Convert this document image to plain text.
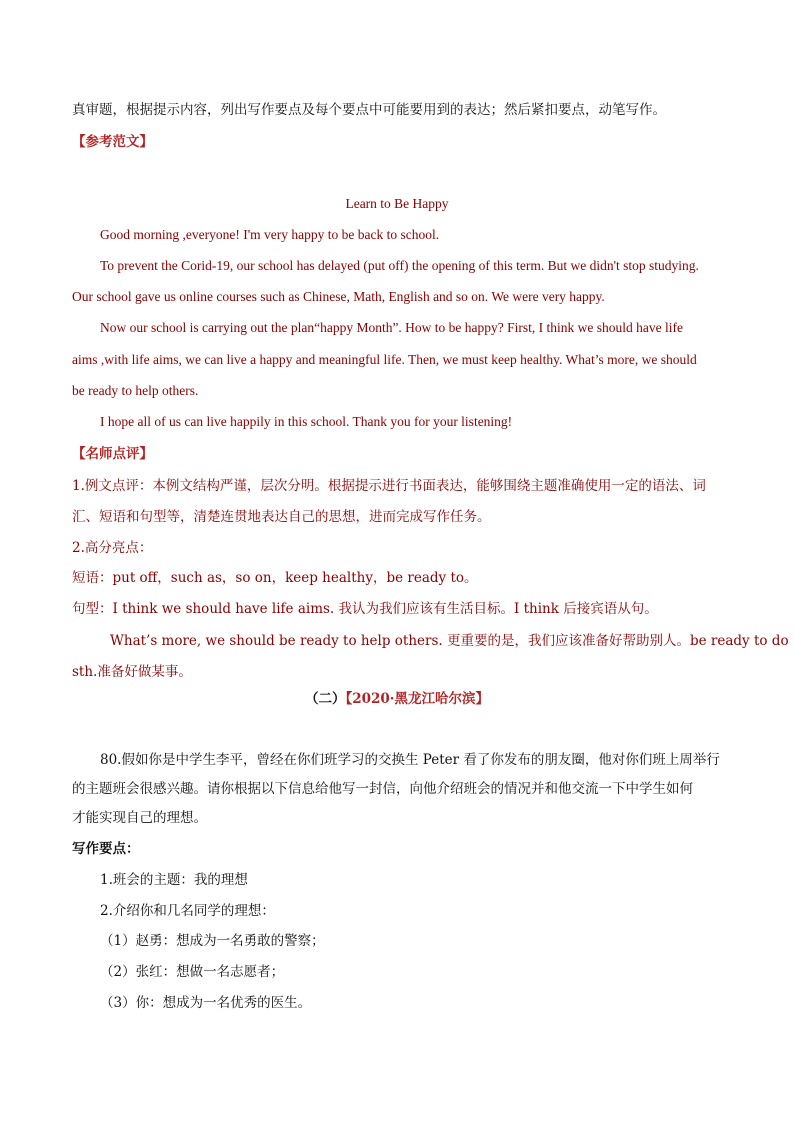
真审题，根据提示内容，列出写作要点及每个要点中可能要用到的表达；然后紧扣要点，动笔写作。
【参考范文】
Learn to Be Happy
Good morning ,everyone! I'm very happy to be back to school.
To prevent the Corid-19, our school has delayed (put off) the opening of this term. But we didn't stop studying.
Our school gave us online courses such as Chinese, Math, English and so on. We were very happy.
Now our school is carrying out the plan“happy Month”. How to be happy? First, I think we should have life
aims ,with life aims, we can live a happy and meaningful life. Then, we must keep healthy. What’s more, we should
be ready to help others.
I hope all of us can live happily in this school. Thank you for your listening!
【名师点评】
1.例文点评：本例文结构严谨，层次分明。根据提示进行书面表达，能够围绕主题准确使用一定的语法、词
汇、短语和句型等，清楚连贯地表达自己的思想，进而完成写作任务。
2.高分亮点：
短语：put off，such as，so on，keep healthy，be ready to。
句型：I think we should have life aims. 我认为我们应该有生活目标。I think 后接宾语从句。
What’s more, we should be ready to help others. 更重要的是，我们应该准备好帮助别人。be ready to do
sth.准备好做某事。
（二）【2020·黑龙江哈尔滨】
80.假如你是中学生李平，曾经在你们班学习的交换生 Peter 看了你发布的朋友圈，他对你们班上周举行
的主题班会很感兴趣。请你根据以下信息给他写一封信，向他介绍班会的情况并和他交流一下中学生如何
才能实现自己的理想。
写作要点：
1.班会的主题：我的理想
2.介绍你和几名同学的理想：
（1）赵勇：想成为一名勇敢的警察；
（2）张红：想做一名志愿者；
（3）你：想成为一名优秀的医生。
